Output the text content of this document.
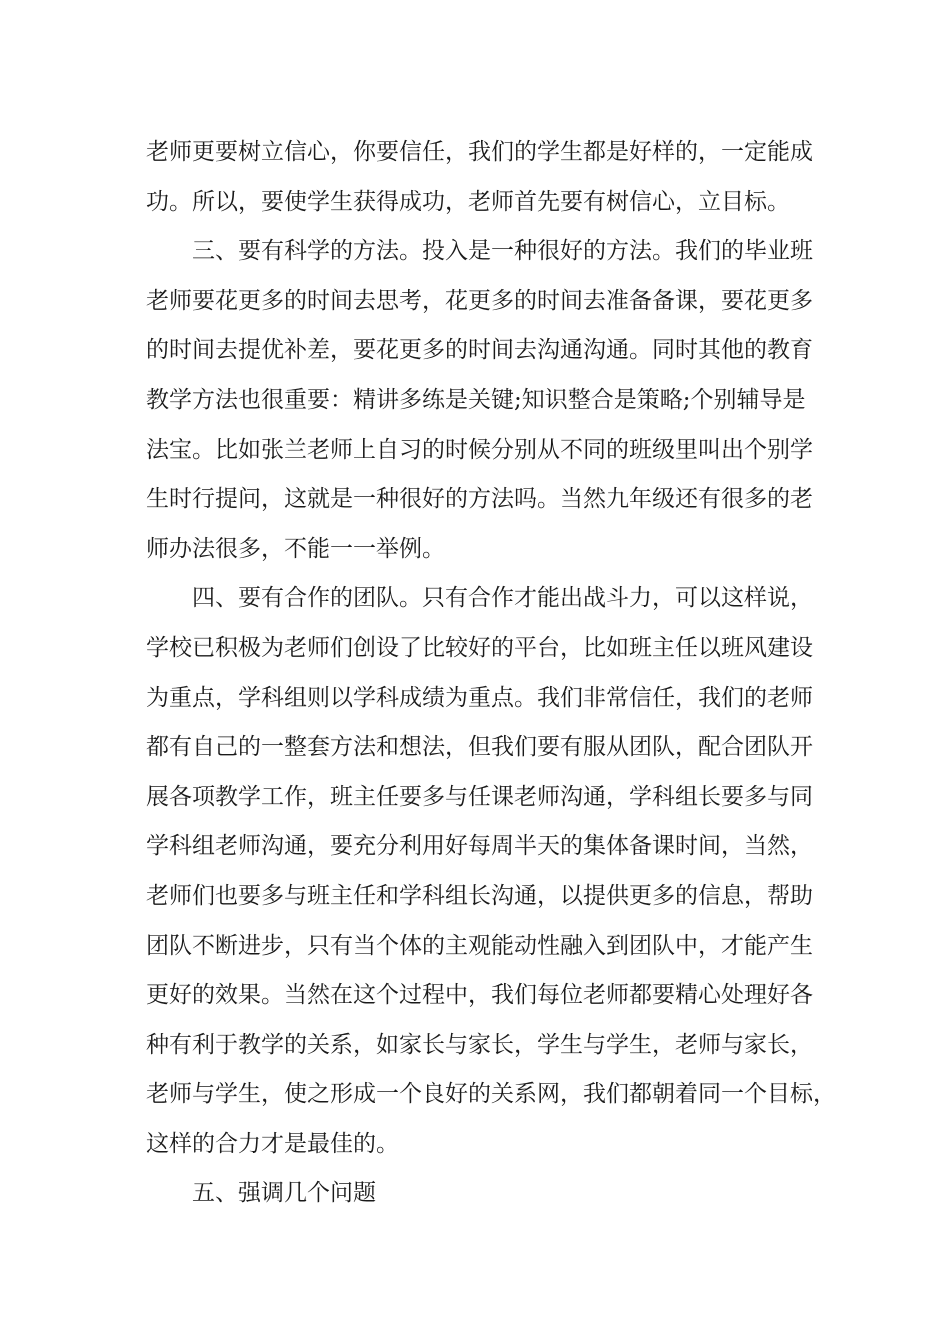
老师更要树立信心，你要信任，我们的学生都是好样的，一定能成
功。所以，要使学生获得成功，老师首先要有树信心，立目标。
三、要有科学的方法。投入是一种很好的方法。我们的毕业班
老师要花更多的时间去思考，花更多的时间去准备备课，要花更多
的时间去提优补差，要花更多的时间去沟通沟通。同时其他的教育
教学方法也很重要：精讲多练是关键;知识整合是策略;个别辅导是
法宝。比如张兰老师上自习的时候分别从不同的班级里叫出个别学
生时行提问，这就是一种很好的方法吗。当然九年级还有很多的老
师办法很多，不能一一举例。
四、要有合作的团队。只有合作才能出战斗力，可以这样说，
学校已积极为老师们创设了比较好的平台，比如班主任以班风建设
为重点，学科组则以学科成绩为重点。我们非常信任，我们的老师
都有自己的一整套方法和想法，但我们要有服从团队，配合团队开
展各项教学工作，班主任要多与任课老师沟通，学科组长要多与同
学科组老师沟通，要充分利用好每周半天的集体备课时间，当然，
老师们也要多与班主任和学科组长沟通，以提供更多的信息，帮助
团队不断进步，只有当个体的主观能动性融入到团队中，才能产生
更好的效果。当然在这个过程中，我们每位老师都要精心处理好各
种有利于教学的关系，如家长与家长，学生与学生，老师与家长，
老师与学生，使之形成一个良好的关系网，我们都朝着同一个目标，
这样的合力才是最佳的。
五、强调几个问题
